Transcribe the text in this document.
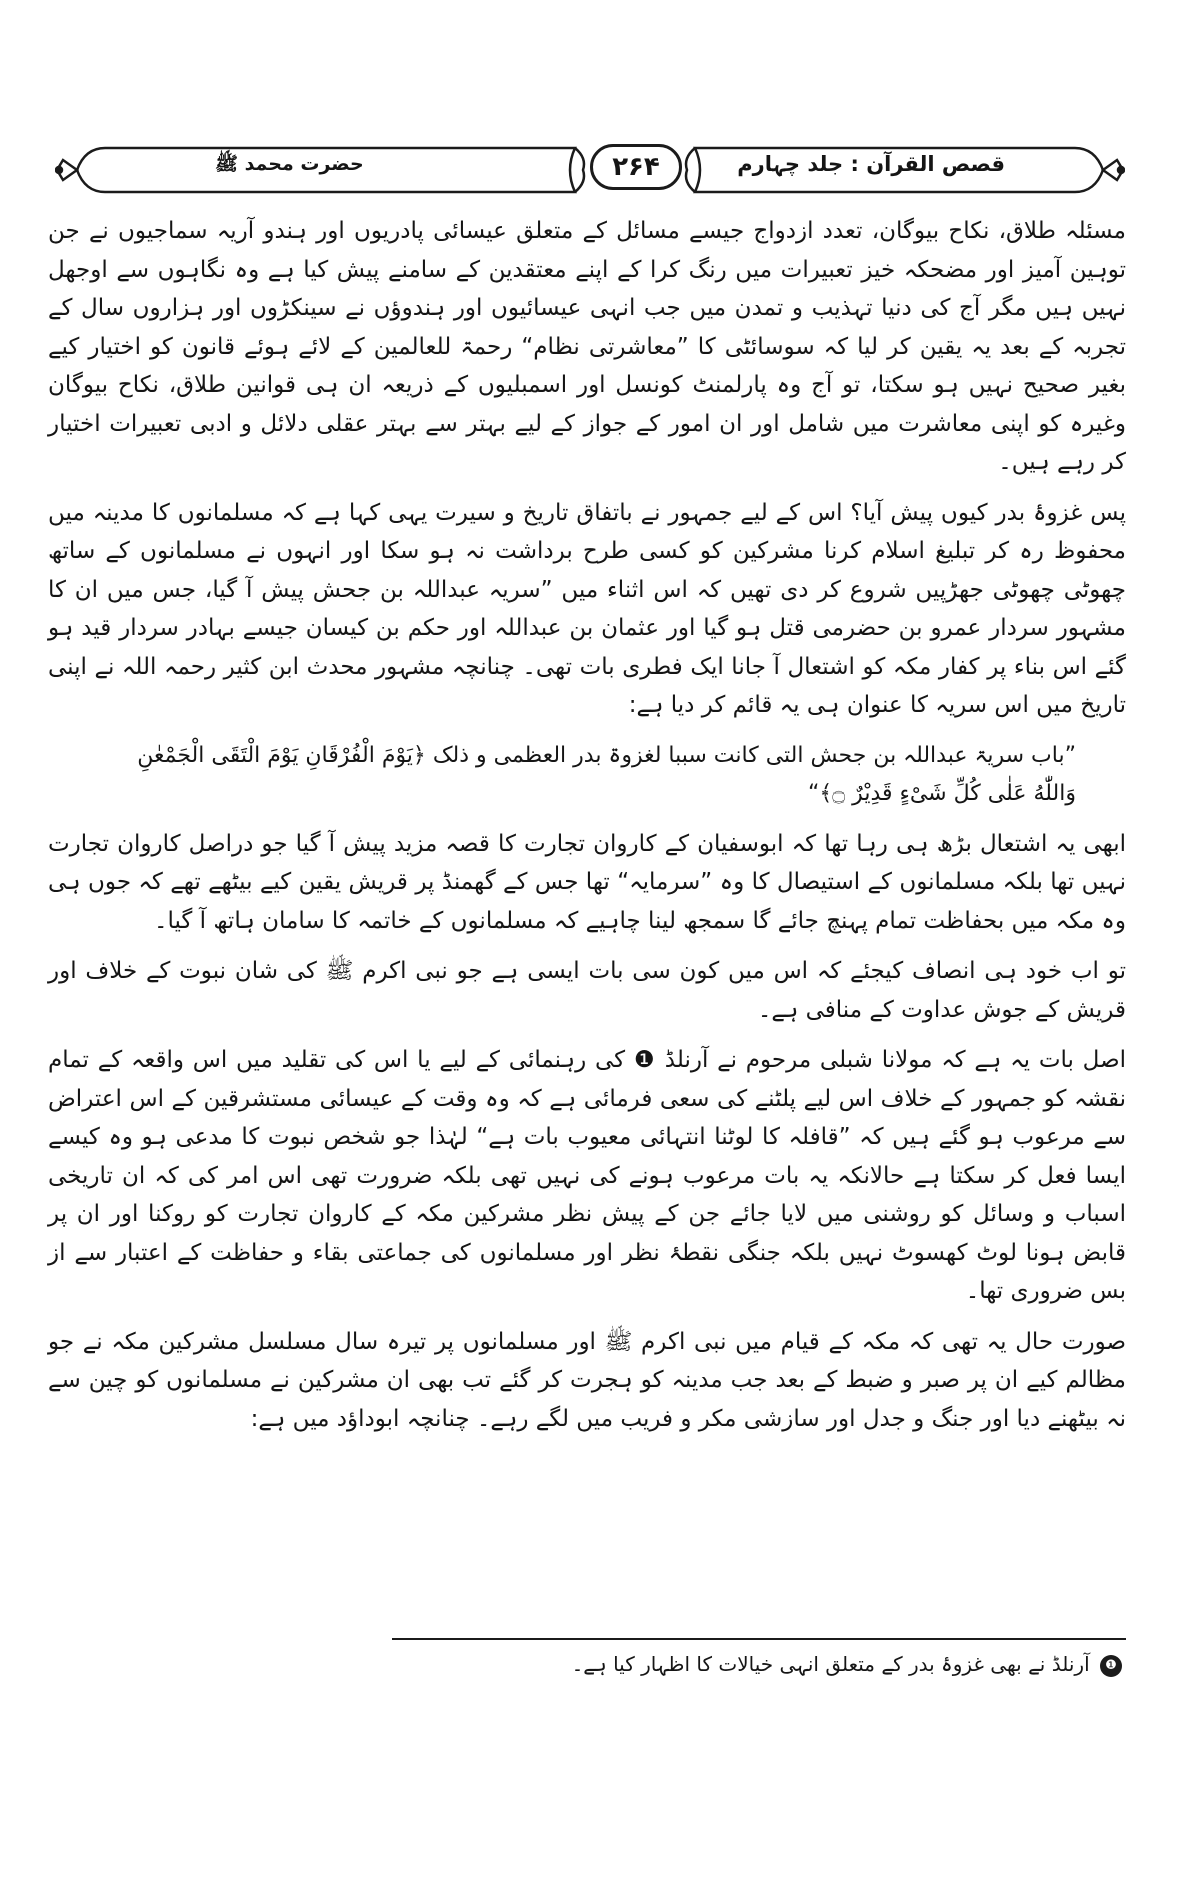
قصص القرآن : جلد چہارم
۲۶۴
حضرت محمد ﷺ

مسئلہ طلاق، نکاح بیوگان، تعدد ازدواج جیسے مسائل کے متعلق عیسائی پادریوں اور ہندو آریہ سماجیوں نے جن توہین آمیز اور مضحکہ خیز تعبیرات میں رنگ کرا کے اپنے معتقدین کے سامنے پیش کیا ہے وہ نگاہوں سے اوجھل نہیں ہیں مگر آج کی دنیا تہذیب و تمدن میں جب انہی عیسائیوں اور ہندوؤں نے سینکڑوں اور ہزاروں سال کے تجربہ کے بعد یہ یقین کر لیا کہ سوسائٹی کا ”معاشرتی نظام“ رحمۃ للعالمین کے لائے ہوئے قانون کو اختیار کیے بغیر صحیح نہیں ہو سکتا، تو آج وہ پارلمنٹ کونسل اور اسمبلیوں کے ذریعہ ان ہی قوانین طلاق، نکاح بیوگان وغیرہ کو اپنی معاشرت میں شامل اور ان امور کے جواز کے لیے بہتر سے بہتر عقلی دلائل و ادبی تعبیرات اختیار کر رہے ہیں۔

پس غزوۂ بدر کیوں پیش آیا؟ اس کے لیے جمہور نے باتفاق تاریخ و سیرت یہی کہا ہے کہ مسلمانوں کا مدینہ میں محفوظ رہ کر تبلیغ اسلام کرنا مشرکین کو کسی طرح برداشت نہ ہو سکا اور انہوں نے مسلمانوں کے ساتھ چھوٹی چھوٹی جھڑپیں شروع کر دی تھیں کہ اس اثناء میں ”سریہ عبداللہ بن جحش پیش آ گیا، جس میں ان کا مشہور سردار عمرو بن حضرمی قتل ہو گیا اور عثمان بن عبداللہ اور حکم بن کیسان جیسے بہادر سردار قید ہو گئے اس بناء پر کفار مکہ کو اشتعال آ جانا ایک فطری بات تھی۔ چنانچہ مشہور محدث ابن کثیر رحمہ اللہ نے اپنی تاریخ میں اس سریہ کا عنوان ہی یہ قائم کر دیا ہے:

”باب سریۃ عبداللہ بن جحش التی کانت سببا لغزوۃ بدر العظمی و ذلک ﴿یَوْمَ الْفُرْقَانِ یَوْمَ الْتَقَی الْجَمْعٰنِ
وَاللّٰهُ عَلٰی کُلِّ شَیْءٍ قَدِیْرٌ ۝﴾“

ابھی یہ اشتعال بڑھ ہی رہا تھا کہ ابوسفیان کے کاروان تجارت کا قصہ مزید پیش آ گیا جو دراصل کاروان تجارت نہیں تھا بلکہ مسلمانوں کے استیصال کا وہ ”سرمایہ“ تھا جس کے گھمنڈ پر قریش یقین کیے بیٹھے تھے کہ جوں ہی وہ مکہ میں بحفاظت تمام پہنچ جائے گا سمجھ لینا چاہیے کہ مسلمانوں کے خاتمہ کا سامان ہاتھ آ گیا۔

تو اب خود ہی انصاف کیجئے کہ اس میں کون سی بات ایسی ہے جو نبی اکرم ﷺ کی شان نبوت کے خلاف اور قریش کے جوش عداوت کے منافی ہے۔

اصل بات یہ ہے کہ مولانا شبلی مرحوم نے آرنلڈ ❶ کی رہنمائی کے لیے یا اس کی تقلید میں اس واقعہ کے تمام نقشہ کو جمہور کے خلاف اس لیے پلٹنے کی سعی فرمائی ہے کہ وہ وقت کے عیسائی مستشرقین کے اس اعتراض سے مرعوب ہو گئے ہیں کہ ”قافلہ کا لوٹنا انتہائی معیوب بات ہے“ لہٰذا جو شخص نبوت کا مدعی ہو وہ کیسے ایسا فعل کر سکتا ہے حالانکہ یہ بات مرعوب ہونے کی نہیں تھی بلکہ ضرورت تھی اس امر کی کہ ان تاریخی اسباب و وسائل کو روشنی میں لایا جائے جن کے پیش نظر مشرکین مکہ کے کاروان تجارت کو روکنا اور ان پر قابض ہونا لوٹ کھسوٹ نہیں بلکہ جنگی نقطۂ نظر اور مسلمانوں کی جماعتی بقاء و حفاظت کے اعتبار سے از بس ضروری تھا۔

صورت حال یہ تھی کہ مکہ کے قیام میں نبی اکرم ﷺ اور مسلمانوں پر تیرہ سال مسلسل مشرکین مکہ نے جو مظالم کیے ان پر صبر و ضبط کے بعد جب مدینہ کو ہجرت کر گئے تب بھی ان مشرکین نے مسلمانوں کو چین سے نہ بیٹھنے دیا اور جنگ و جدل اور سازشی مکر و فریب میں لگے رہے۔ چنانچہ ابوداؤد میں ہے:

❶ آرنلڈ نے بھی غزوۂ بدر کے متعلق انہی خیالات کا اظہار کیا ہے۔
